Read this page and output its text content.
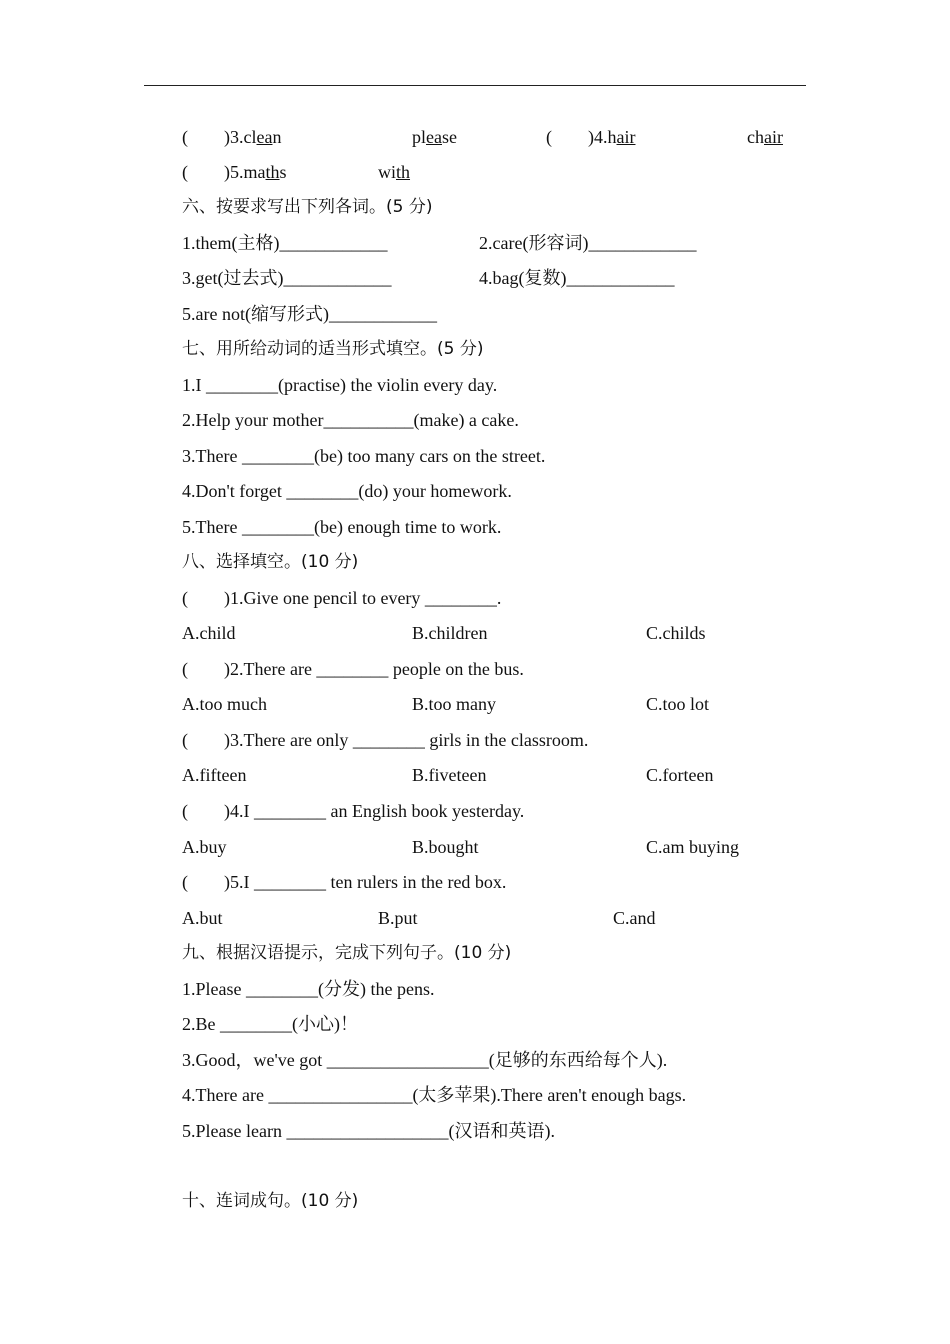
(        )3.clean	please	(        )4.hair	chair
(        )5.maths	with
六、按要求写出下列各词。(5 分)
1.them(主格)____________	2.care(形容词)____________
3.get(过去式)____________	4.bag(复数)____________
5.are not(缩写形式)____________
七、用所给动词的适当形式填空。(5 分)
1.I ________(practise) the violin every day.
2.Help your mother__________(make) a cake.
3.There ________(be) too many cars on the street.
4.Don't forget ________(do) your homework.
5.There ________(be) enough time to work.
八、选择填空。(10 分)
(        )1.Give one pencil to every ________.
A.child	B.children	C.childs
(        )2.There are ________ people on the bus.
A.too much	B.too many	C.too lot
(        )3.There are only ________ girls in the classroom.
A.fifteen	B.fiveteen	C.forteen
(        )4.I ________ an English book yesterday.
A.buy	B.bought	C.am buying
(        )5.I ________ ten rulers in the red box.
A.but	B.put	C.and
九、根据汉语提示，完成下列句子。(10 分)
1.Please ________(分发) the pens.
2.Be ________(小心)！
3.Good，we've got __________________(足够的东西给每个人).
4.There are ________________(太多苹果).There aren't enough bags.
5.Please learn __________________(汉语和英语).
十、连词成句。(10 分)
